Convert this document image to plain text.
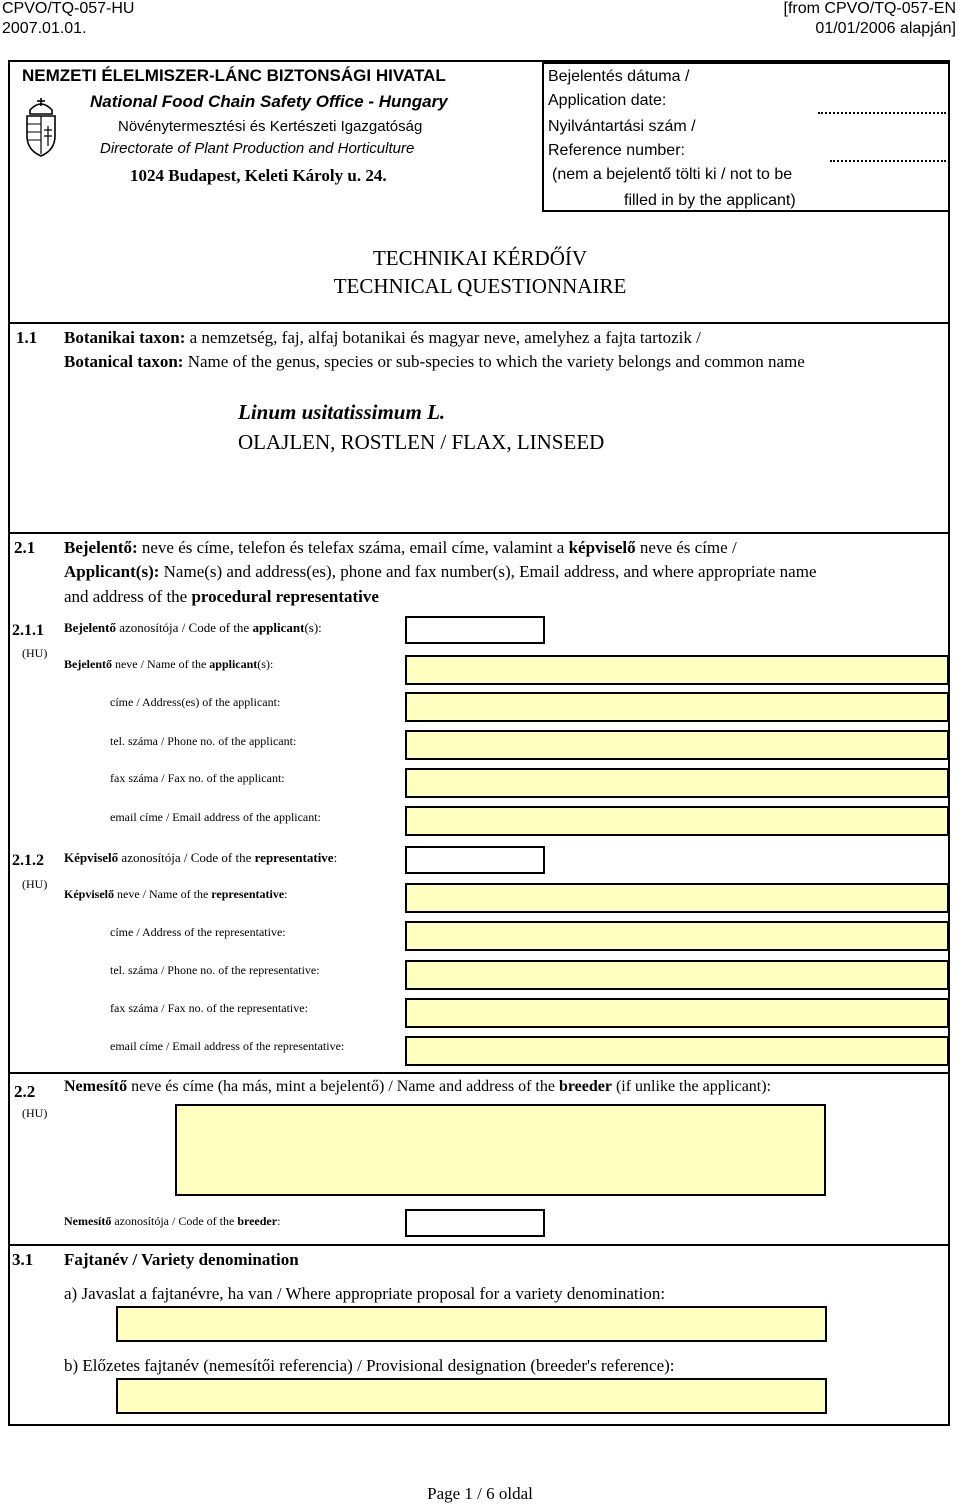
CPVO/TQ-057-HU
2007.01.01.
[from CPVO/TQ-057-EN
01/01/2006 alapján]
NEMZETI ÉLELMISZER-LÁNC BIZTONSÁGI HIVATAL
National Food Chain Safety Office - Hungary
Növénytermesztési és Kertészeti Igazgatóság
Directorate of Plant Production and Horticulture
1024 Budapest, Keleti Károly u. 24.
Bejelentés dátuma /
Application date:
Nyilvántartási szám /
Reference number:
(nem a bejelentő tölti ki / not to be
filled in by the applicant)
TECHNIKAI KÉRDŐÍV
TECHNICAL QUESTIONNAIRE
1.1 Botanikai taxon: a nemzetség, faj, alfaj botanikai és magyar neve, amelyhez a fajta tartozik /
Botanical taxon: Name of the genus, species or sub-species to which the variety belongs and common name
Linum usitatissimum L.
OLAJLEN, ROSTLEN / FLAX, LINSEED
2.1 Bejelentő: neve és címe, telefon és telefax száma, email címe, valamint a képviselő neve és címe /
Applicant(s): Name(s) and address(es), phone and fax number(s), Email address, and where appropriate name
and address of the procedural representative
2.1.1
(HU)
Bejelentő azonosítója / Code of the applicant(s):
Bejelentő neve / Name of the applicant(s):
címe / Address(es) of the applicant:
tel. száma / Phone no. of the applicant:
fax száma / Fax no. of the applicant:
email címe / Email address of the applicant:
2.1.2
(HU)
Képviselő azonosítója / Code of the representative:
Képviselő neve / Name of the representative:
címe / Address of the representative:
tel. száma / Phone no. of the representative:
fax száma / Fax no. of the representative:
email címe / Email address of the representative:
2.2
(HU)
Nemesítő neve és címe (ha más, mint a bejelentő) / Name and address of the breeder (if unlike the applicant):
Nemesítő azonosítója / Code of the breeder:
3.1 Fajtanév / Variety denomination
a) Javaslat a fajtanévre, ha van / Where appropriate proposal for a variety denomination:
b) Előzetes fajtanév (nemesítői referencia) / Provisional designation (breeder's reference):
Page 1 / 6 oldal
